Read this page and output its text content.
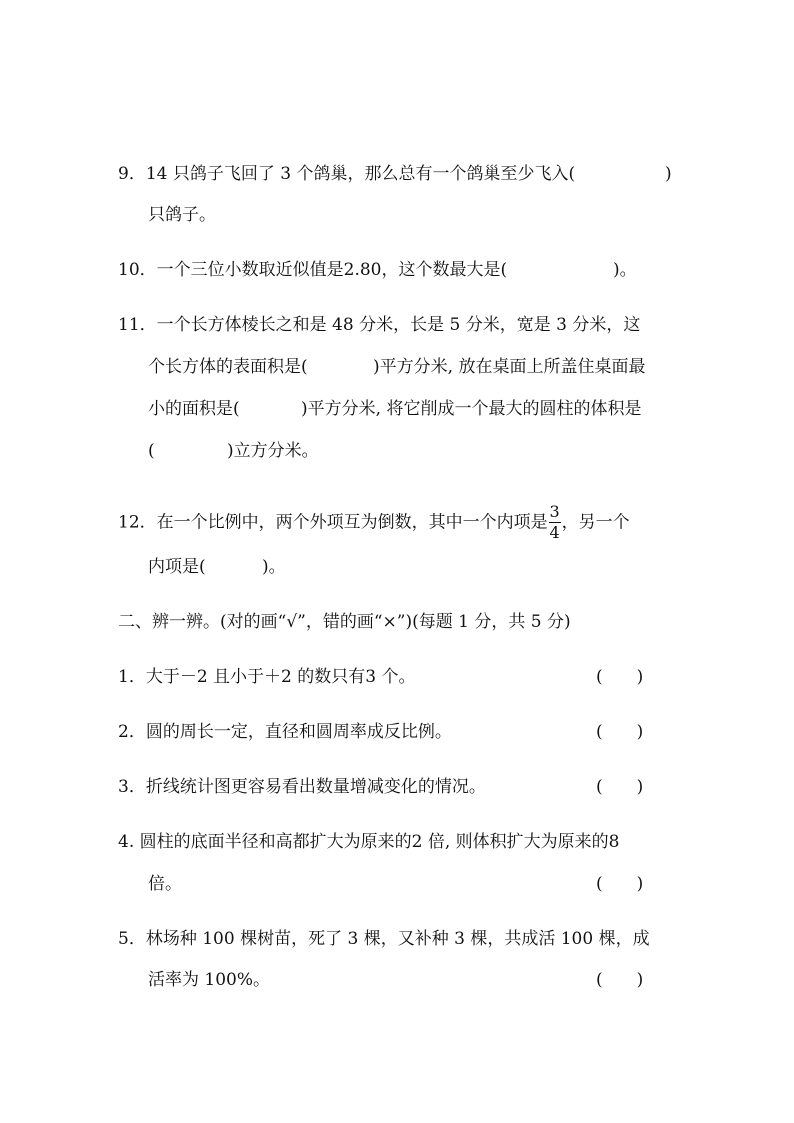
9．14 只鸽子飞回了 3 个鸽巢，那么总有一个鸽巢至少飞入(	)
只鸽子。
10．一个三位小数取近似值是2.80，这个数最大是(	)。
11．一个长方体棱长之和是 48 分米，长是 5 分米，宽是 3 分米，这
个长方体的表面积是(	)平方分米, 放在桌面上所盖住桌面最
小的面积是(	)平方分米, 将它削成一个最大的圆柱的体积是
(	)立方分米。
12．在一个比例中，两个外项互为倒数，其中一个内项是 $\frac{3}{4}$ ，另一个
内项是(	)。
二、辨一辨。(对的画“√”，错的画“×”)(每题 1 分，共 5 分)
1．大于－2 且小于＋2 的数只有3 个。	(　　)
2．圆的周长一定，直径和圆周率成反比例。	(　　)
3．折线统计图更容易看出数量增减变化的情况。	(　　)
4. 圆柱的底面半径和高都扩大为原来的2 倍, 则体积扩大为原来的8
倍。	(　　)
5．林场种 100 棵树苗，死了 3 棵，又补种 3 棵，共成活 100 棵，成
活率为 100%。	(　　)
